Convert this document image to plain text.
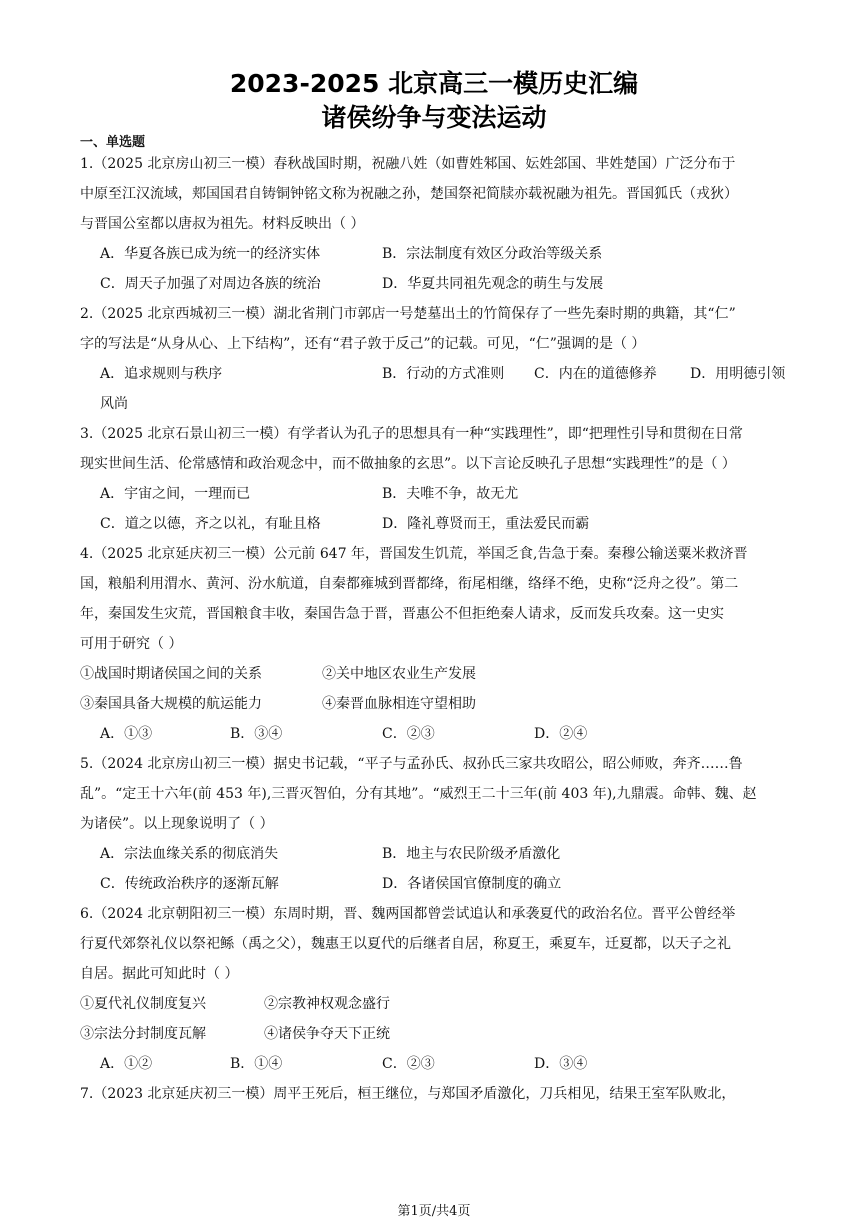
2023-2025 北京高三一模历史汇编
诸侯纷争与变法运动
一、单选题
1.（2025 北京房山初三一模）春秋战国时期，祝融八姓（如曹姓邾国、妘姓郐国、芈姓楚国）广泛分布于
中原至江汉流域，郏国国君自铸铜钟铭文称为祝融之孙，楚国祭祀简牍亦载祝融为祖先。晋国狐氏（戎狄）
与晋国公室都以唐叔为祖先。材料反映出（ ）
A．华夏各族已成为统一的经济实体	B．宗法制度有效区分政治等级关系
C．周天子加强了对周边各族的统治	D．华夏共同祖先观念的萌生与发展
2.（2025 北京西城初三一模）湖北省荆门市郭店一号楚墓出土的竹简保存了一些先秦时期的典籍，其“仁”
字的写法是“从身从心、上下结构”，还有“君子敦于反己”的记载。可见，“仁”强调的是（ ）
A．追求规则与秩序	B．行动的方式准则 C．内在的道德修养 D．用明德引领
风尚
3.（2025 北京石景山初三一模）有学者认为孔子的思想具有一种“实践理性”，即“把理性引导和贯彻在日常
现实世间生活、伦常感情和政治观念中，而不做抽象的玄思”。以下言论反映孔子思想“实践理性”的是（ ）
A．宇宙之间，一理而已	B．夫唯不争，故无尤
C．道之以德，齐之以礼，有耻且格	D．隆礼尊贤而王，重法爱民而霸
4.（2025 北京延庆初三一模）公元前 647 年，晋国发生饥荒，举国乏食,告急于秦。秦穆公输送粟米救济晋
国，粮船利用渭水、黄河、汾水航道，自秦都雍城到晋都绛，衔尾相继，络绎不绝，史称“泛舟之役”。第二
年，秦国发生灾荒，晋国粮食丰收，秦国告急于晋，晋惠公不但拒绝秦人请求，反而发兵攻秦。这一史实
可用于研究（ ）
①战国时期诸侯国之间的关系	②关中地区农业生产发展
③秦国具备大规模的航运能力	④秦晋血脉相连守望相助
A．①③	B．③④	C．②③	D．②④
5.（2024 北京房山初三一模）据史书记载，“平子与孟孙氏、叔孙氏三家共攻昭公，昭公师败，奔齐……鲁
乱”。“定王十六年(前 453 年),三晋灭智伯，分有其地”。“威烈王二十三年(前 403 年),九鼎震。命韩、魏、赵
为诸侯”。以上现象说明了（ ）
A．宗法血缘关系的彻底消失	B．地主与农民阶级矛盾激化
C．传统政治秩序的逐渐瓦解	D．各诸侯国官僚制度的确立
6.（2024 北京朝阳初三一模）东周时期，晋、魏两国都曾尝试追认和承袭夏代的政治名位。晋平公曾经举
行夏代郊祭礼仪以祭祀鲧（禹之父），魏惠王以夏代的后继者自居，称夏王，乘夏车，迁夏都，以天子之礼
自居。据此可知此时（ ）
①夏代礼仪制度复兴	②宗教神权观念盛行
③宗法分封制度瓦解	④诸侯争夺天下正统
A．①②	B．①④	C．②③	D．③④
7.（2023 北京延庆初三一模）周平王死后，桓王继位，与郑国矛盾激化，刀兵相见，结果王室军队败北，
第1页/共4页
